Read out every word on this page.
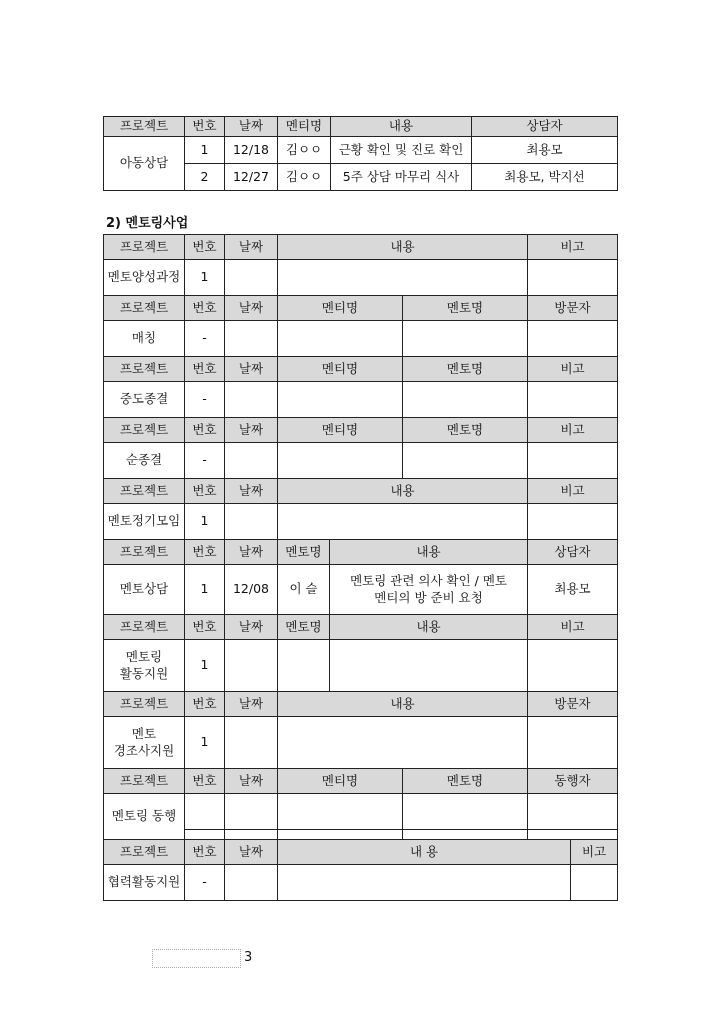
프로젝트	번호	날짜	멘티명	내용	상담자
아동상담	1	12/18	김ㅇㅇ	근황 확인 및 진로 확인	최용모
	2	12/27	김ㅇㅇ	5주 상담 마무리 식사	최용모, 박지선
2) 멘토링사업
프로젝트	번호	날짜	내용			비고	
멘토양성과정	1						
프로젝트	번호	날짜	멘티명		멘토명	방문자	
매칭	-						
프로젝트	번호	날짜	멘티명		멘토명	비고	
중도종결	-						
프로젝트	번호	날짜	멘티명		멘토명	비고	
순종결	-						
프로젝트	번호	날짜	내용			비고	
멘토정기모임	1						
프로젝트	번호	날짜	멘토명	내용		상담자	
멘토상담	1	12/08	이 슬	멘토링 관련 의사 확인 / 멘토 멘티의 방 준비 요청		최용모	
프로젝트	번호	날짜	멘토명	내용		비고	
멘토링
활동지원	1						
프로젝트	번호	날짜	내용			방문자	
멘토
경조사지원	1						
프로젝트	번호	날짜	멘티명		멘토명	동행자	
멘토링 동행							

프로젝트	번호	날짜	내 용				비고
협력활동지원	-						
3
